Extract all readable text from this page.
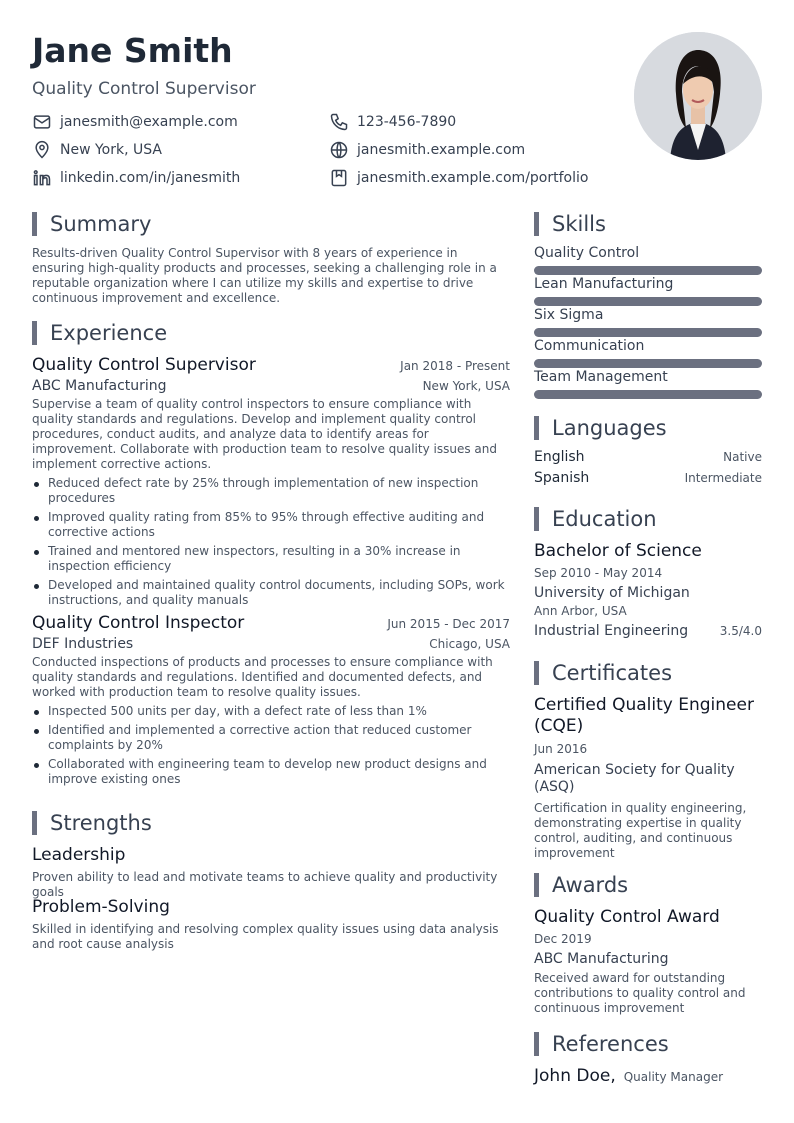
Jane Smith
Quality Control Supervisor
janesmith@example.com	123-456-7890
New York, USA	janesmith.example.com
linkedin.com/in/janesmith	janesmith.example.com/portfolio
Summary
Results-driven Quality Control Supervisor with 8 years of experience in ensuring high-quality products and processes, seeking a challenging role in a reputable organization where I can utilize my skills and expertise to drive continuous improvement and excellence.
Experience
Quality Control Supervisor	Jan 2018 - Present
ABC Manufacturing	New York, USA
Supervise a team of quality control inspectors to ensure compliance with quality standards and regulations. Develop and implement quality control procedures, conduct audits, and analyze data to identify areas for improvement. Collaborate with production team to resolve quality issues and implement corrective actions.
Reduced defect rate by 25% through implementation of new inspection procedures
Improved quality rating from 85% to 95% through effective auditing and corrective actions
Trained and mentored new inspectors, resulting in a 30% increase in inspection efficiency
Developed and maintained quality control documents, including SOPs, work instructions, and quality manuals
Quality Control Inspector	Jun 2015 - Dec 2017
DEF Industries	Chicago, USA
Conducted inspections of products and processes to ensure compliance with quality standards and regulations. Identified and documented defects, and worked with production team to resolve quality issues.
Inspected 500 units per day, with a defect rate of less than 1%
Identified and implemented a corrective action that reduced customer complaints by 20%
Collaborated with engineering team to develop new product designs and improve existing ones
Strengths
Leadership
Proven ability to lead and motivate teams to achieve quality and productivity goals
Problem-Solving
Skilled in identifying and resolving complex quality issues using data analysis and root cause analysis
Skills
Quality Control
Lean Manufacturing
Six Sigma
Communication
Team Management
Languages
English	Native
Spanish	Intermediate
Education
Bachelor of Science
Sep 2010 - May 2014
University of Michigan
Ann Arbor, USA
Industrial Engineering	3.5/4.0
Certificates
Certified Quality Engineer (CQE)
Jun 2016
American Society for Quality (ASQ)
Certification in quality engineering, demonstrating expertise in quality control, auditing, and continuous improvement
Awards
Quality Control Award
Dec 2019
ABC Manufacturing
Received award for outstanding contributions to quality control and continuous improvement
References
John Doe, Quality Manager
